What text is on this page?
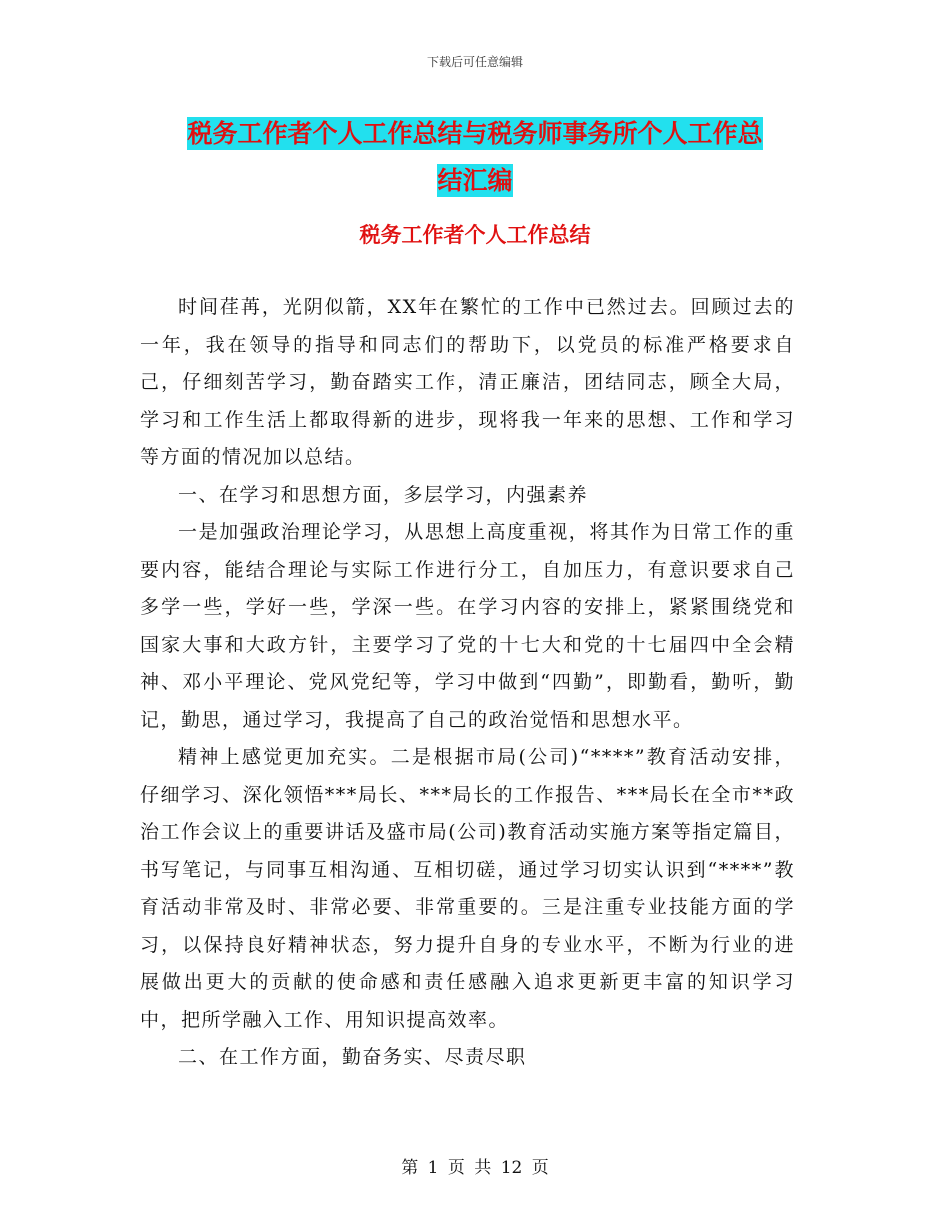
下载后可任意编辑
税务工作者个人工作总结与税务师事务所个人工作总
结汇编
税务工作者个人工作总结

时间荏苒，光阴似箭，XX年在繁忙的工作中已然过去。回顾过去的一年，我在领导的指导和同志们的帮助下，以党员的标准严格要求自己，仔细刻苦学习，勤奋踏实工作，清正廉洁，团结同志，顾全大局，学习和工作生活上都取得新的进步，现将我一年来的思想、工作和学习等方面的情况加以总结。

一、在学习和思想方面，多层学习，内强素养

一是加强政治理论学习，从思想上高度重视，将其作为日常工作的重要内容，能结合理论与实际工作进行分工，自加压力，有意识要求自己多学一些，学好一些，学深一些。在学习内容的安排上，紧紧围绕党和国家大事和大政方针，主要学习了党的十七大和党的十七届四中全会精神、邓小平理论、党风党纪等，学习中做到“四勤”，即勤看，勤听，勤记，勤思，通过学习，我提高了自己的政治觉悟和思想水平。

精神上感觉更加充实。二是根据市局(公司)“****”教育活动安排，仔细学习、深化领悟***局长、***局长的工作报告、***局长在全市**政治工作会议上的重要讲话及盛市局(公司)教育活动实施方案等指定篇目，书写笔记，与同事互相沟通、互相切磋，通过学习切实认识到“****”教育活动非常及时、非常必要、非常重要的。三是注重专业技能方面的学习，以保持良好精神状态，努力提升自身的专业水平，不断为行业的进展做出更大的贡献的使命感和责任感融入追求更新更丰富的知识学习中，把所学融入工作、用知识提高效率。

二、在工作方面，勤奋务实、尽责尽职

第 1 页 共 12 页
